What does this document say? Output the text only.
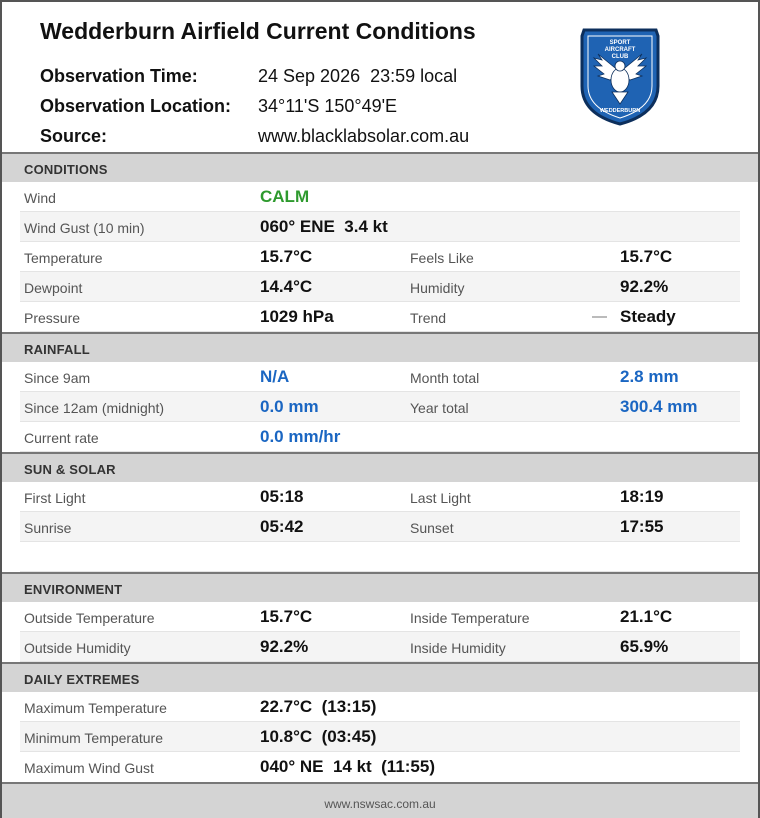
Wedderburn Airfield Current Conditions
Observation Time:	24 Sep 2026  23:59 local
Observation Location: 34°11'S 150°49'E
Source:	www.blacklabsolar.com.au
SPORT
AIRCRAFT
CLUB
WEDDERBURN
CONDITIONS
Wind	CALM
Wind Gust (10 min)	060° ENE  3.4 kt
Temperature	15.7°C	Feels Like	15.7°C
Dewpoint	14.4°C	Humidity	92.2%
Pressure	1029 hPa	Trend	— Steady
RAINFALL
Since 9am	N/A	Month total	2.8 mm
Since 12am (midnight)	0.0 mm	Year total	300.4 mm
Current rate	0.0 mm/hr
SUN & SOLAR
First Light	05:18	Last Light	18:19
Sunrise	05:42	Sunset	17:55
ENVIRONMENT
Outside Temperature	15.7°C	Inside Temperature	21.1°C
Outside Humidity	92.2%	Inside Humidity	65.9%
DAILY EXTREMES
Maximum Temperature	22.7°C  (13:15)
Minimum Temperature	10.8°C  (03:45)
Maximum Wind Gust	040° NE  14 kt  (11:55)
www.nswsac.com.au
